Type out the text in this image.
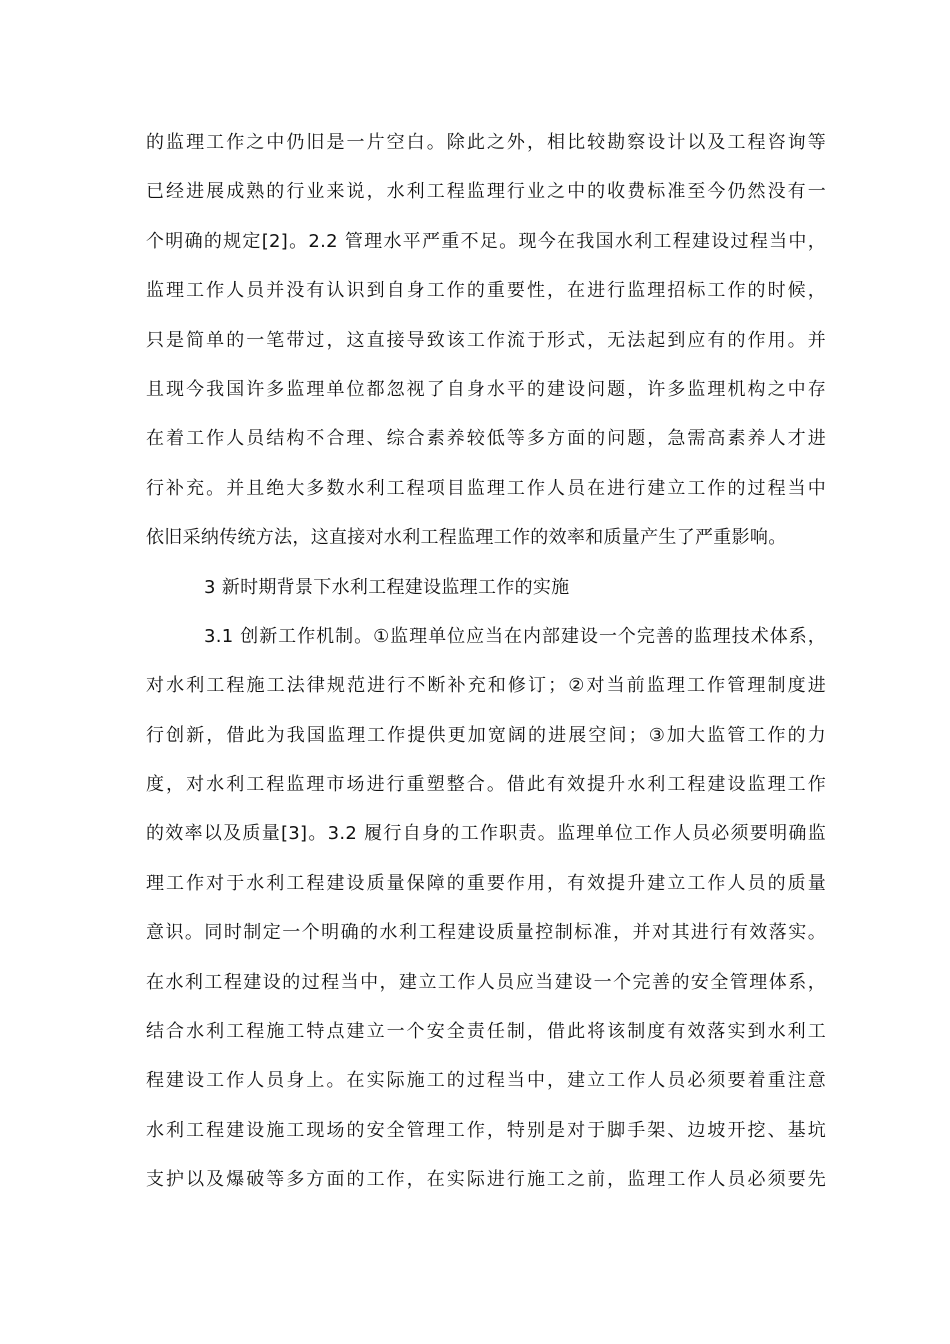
的监理工作之中仍旧是一片空白。除此之外，相比较勘察设计以及工程咨询等
已经进展成熟的行业来说，水利工程监理行业之中的收费标准至今仍然没有一
个明确的规定[2]。2.2 管理水平严重不足。现今在我国水利工程建设过程当中，
监理工作人员并没有认识到自身工作的重要性，在进行监理招标工作的时候，
只是简单的一笔带过，这直接导致该工作流于形式，无法起到应有的作用。并
且现今我国许多监理单位都忽视了自身水平的建设问题，许多监理机构之中存
在着工作人员结构不合理、综合素养较低等多方面的问题，急需高素养人才进
行补充。并且绝大多数水利工程项目监理工作人员在进行建立工作的过程当中
依旧采纳传统方法，这直接对水利工程监理工作的效率和质量产生了严重影响。
3 新时期背景下水利工程建设监理工作的实施
3.1 创新工作机制。①监理单位应当在内部建设一个完善的监理技术体系，
对水利工程施工法律规范进行不断补充和修订；②对当前监理工作管理制度进
行创新，借此为我国监理工作提供更加宽阔的进展空间；③加大监管工作的力
度，对水利工程监理市场进行重塑整合。借此有效提升水利工程建设监理工作
的效率以及质量[3]。3.2 履行自身的工作职责。监理单位工作人员必须要明确监
理工作对于水利工程建设质量保障的重要作用，有效提升建立工作人员的质量
意识。同时制定一个明确的水利工程建设质量控制标准，并对其进行有效落实。
在水利工程建设的过程当中，建立工作人员应当建设一个完善的安全管理体系，
结合水利工程施工特点建立一个安全责任制，借此将该制度有效落实到水利工
程建设工作人员身上。在实际施工的过程当中，建立工作人员必须要着重注意
水利工程建设施工现场的安全管理工作，特别是对于脚手架、边坡开挖、基坑
支护以及爆破等多方面的工作，在实际进行施工之前，监理工作人员必须要先
